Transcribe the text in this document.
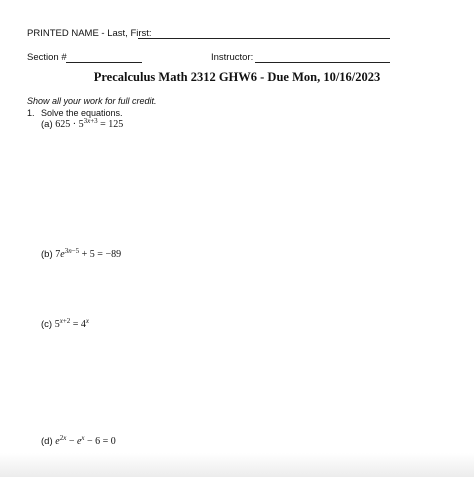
PRINTED NAME - Last, First:
Section #	Instructor:
Precalculus Math 2312 GHW6 - Due Mon, 10/16/2023
Show all your work for full credit.
1. Solve the equations.
(a) $625 \cdot 5^{3x+3} = 125$
(b) $7e^{3n-5} + 5 = -89$
(c) $5^{x+2} = 4^x$
(d) $e^{2x} - e^x - 6 = 0$
